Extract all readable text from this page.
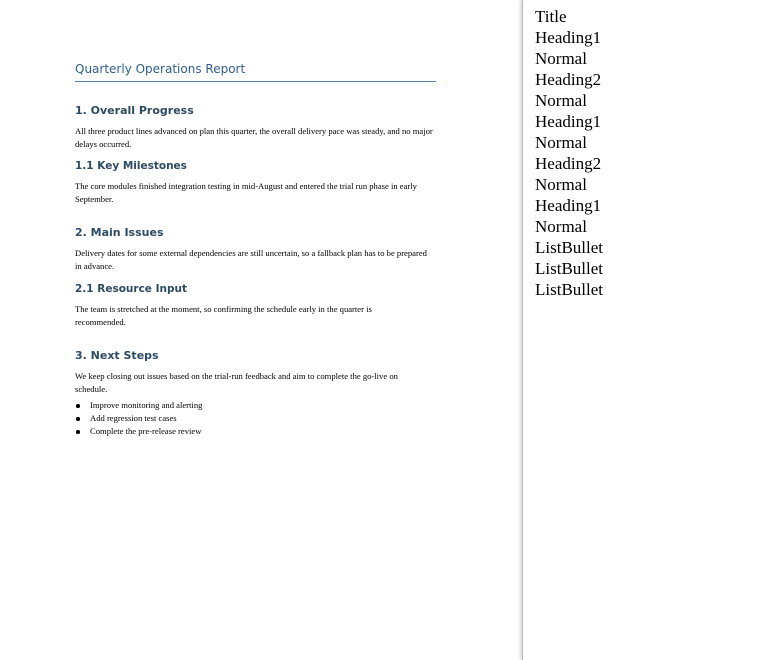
Quarterly Operations Report
1. Overall Progress
All three product lines advanced on plan this quarter, the overall delivery pace was steady, and no major delays occurred.
1.1 Key Milestones
The core modules finished integration testing in mid-August and entered the trial run phase in early September.
2. Main Issues
Delivery dates for some external dependencies are still uncertain, so a fallback plan has to be prepared in advance.
2.1 Resource Input
The team is stretched at the moment, so confirming the schedule early in the quarter is recommended.
3. Next Steps
We keep closing out issues based on the trial-run feedback and aim to complete the go-live on schedule.
Improve monitoring and alerting
Add regression test cases
Complete the pre-release review
Title
Heading1
Normal
Heading2
Normal
Heading1
Normal
Heading2
Normal
Heading1
Normal
ListBullet
ListBullet
ListBullet
